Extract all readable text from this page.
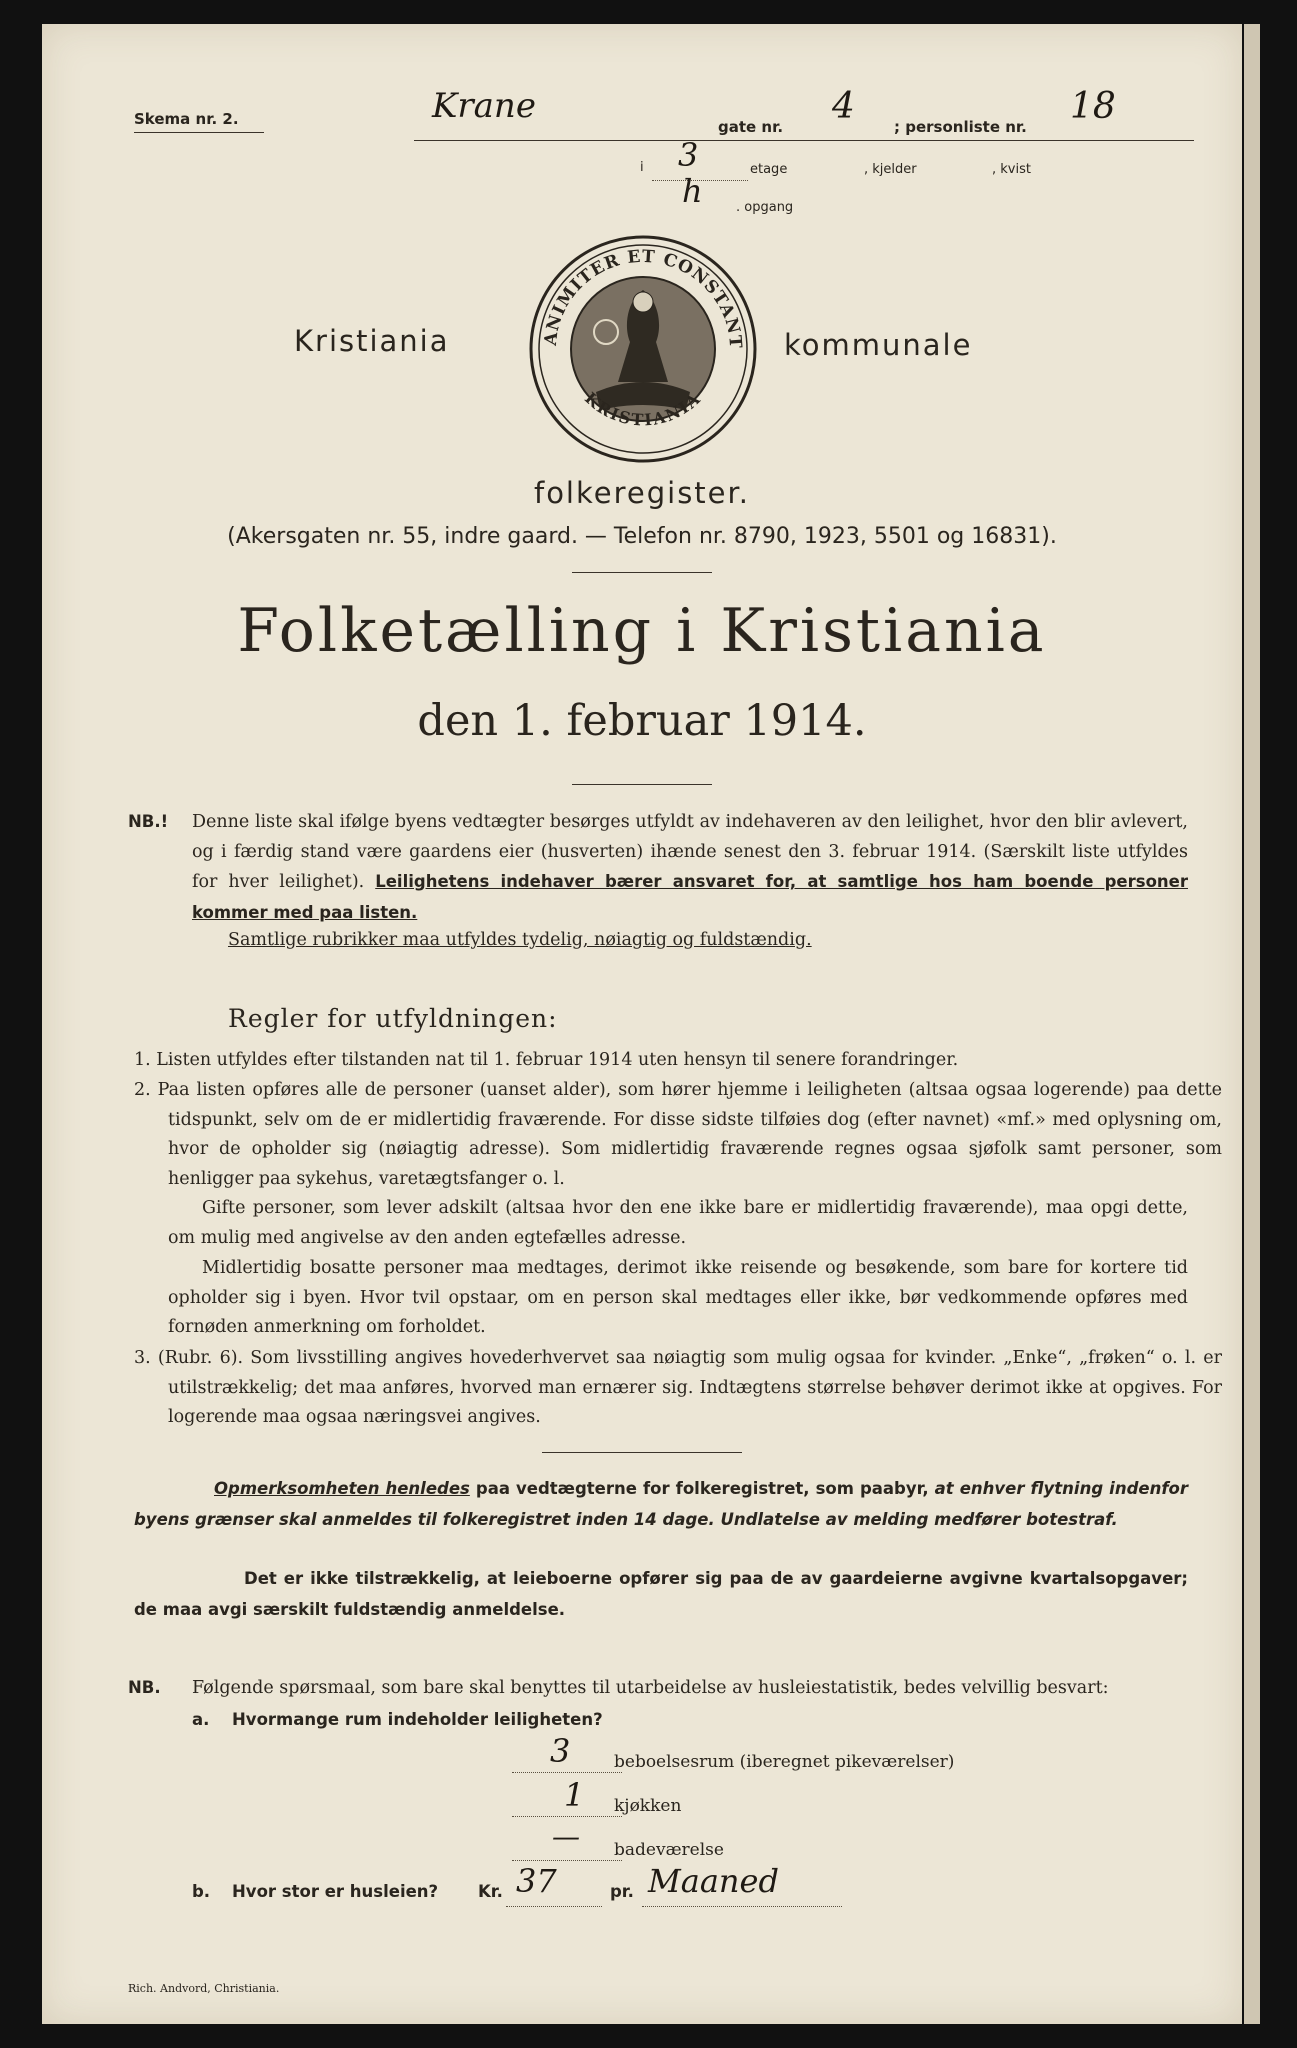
Skema nr. 2.	Krane
gate nr. 4	; personliste nr. 18
i 3	etage	, kjelder	, kvist
h	. opgang
Kristiania	kommunale
ANIMITER ET CONSTANT
KRISTIANIA
folkeregister.
(Akersgaten nr. 55, indre gaard. — Telefon nr. 8790, 1923, 5501 og 16831).
Folketælling i Kristiania
den 1. februar 1914.
NB.! Denne liste skal ifølge byens vedtægter besørges utfyldt av indehaveren av den leilighet, hvor den blir avlevert, og i færdig stand være gaardens eier (husverten) ihænde senest den 3. februar 1914. (Særskilt liste utfyldes for hver leilighet). Leilighetens indehaver bærer ansvaret for, at samtlige hos ham boende personer kommer med paa listen.
Samtlige rubrikker maa utfyldes tydelig, nøiagtig og fuldstændig.
Regler for utfyldningen:
1. Listen utfyldes efter tilstanden nat til 1. februar 1914 uten hensyn til senere forandringer.
2. Paa listen opføres alle de personer (uanset alder), som hører hjemme i leiligheten (altsaa ogsaa logerende) paa dette tidspunkt, selv om de er midlertidig fraværende. For disse sidste tilføies dog (efter navnet) «mf.» med oplysning om, hvor de opholder sig (nøiagtig adresse). Som midlertidig fraværende regnes ogsaa sjøfolk samt personer, som henligger paa sykehus, varetægtsfanger o. l.
Gifte personer, som lever adskilt (altsaa hvor den ene ikke bare er midlertidig fraværende), maa opgi dette, om mulig med angivelse av den anden egtefælles adresse.
Midlertidig bosatte personer maa medtages, derimot ikke reisende og besøkende, som bare for kortere tid opholder sig i byen. Hvor tvil opstaar, om en person skal medtages eller ikke, bør vedkommende opføres med fornøden anmerkning om forholdet.
3. (Rubr. 6). Som livsstilling angives hovederhvervet saa nøiagtig som mulig ogsaa for kvinder. „Enke“, „frøken“ o. l. er utilstrækkelig; det maa anføres, hvorved man ernærer sig. Indtægtens størrelse behøver derimot ikke at opgives. For logerende maa ogsaa næringsvei angives.
Opmerksomheten henledes paa vedtægterne for folkeregistret, som paabyr, at enhver flytning indenfor byens grænser skal anmeldes til folkeregistret inden 14 dage. Undlatelse av melding medfører botestraf.
Det er ikke tilstrækkelig, at leieboerne opfører sig paa de av gaardeierne avgivne kvartalsopgaver; de maa avgi særskilt fuldstændig anmeldelse.
NB. Følgende spørsmaal, som bare skal benyttes til utarbeidelse av husleiestatistik, bedes velvillig besvart:
a. Hvormange rum indeholder leiligheten?
3	beboelsesrum (iberegnet pikeværelser)
1 kjøkken
— badeværelse
b. Hvor stor er husleien? Kr. 37	pr. Maaned
Rich. Andvord, Christiania.
